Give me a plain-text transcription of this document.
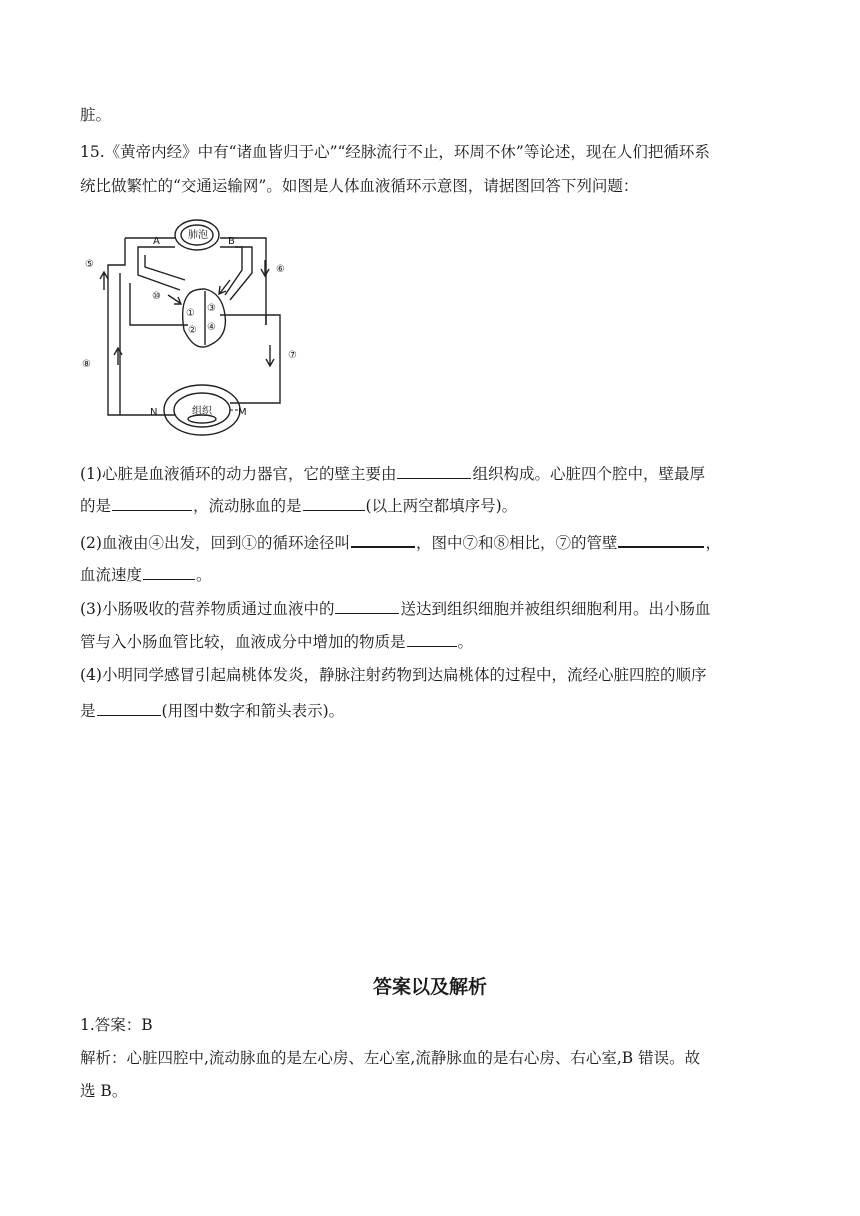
脏。
15.《黄帝内经》中有“诸血皆归于心”“经脉流行不止，环周不休”等论述，现在人们把循环系
统比做繁忙的“交通运输网”。如图是人体血液循环示意图，请据图回答下列问题：
肺泡
组织
A	B
M
N
①
②
③
④
⑤	⑥
⑦
⑧
⑩
(1)心脏是血液循环的动力器官，它的壁主要由	组织构成。心脏四个腔中，壁最厚
的是	，流动脉血的是	(以上两空都填序号)。
(2)血液由④出发，回到①的循环途径叫	，图中⑦和⑧相比，⑦的管壁	，
血流速度	。
(3)小肠吸收的营养物质通过血液中的	送达到组织细胞并被组织细胞利用。出小肠血
管与入小肠血管比较，血液成分中增加的物质是	。
(4)小明同学感冒引起扁桃体发炎，静脉注射药物到达扁桃体的过程中，流经心脏四腔的顺序
是	(用图中数字和箭头表示)。
答案以及解析
1.答案：B
解析：心脏四腔中,流动脉血的是左心房、左心室,流静脉血的是右心房、右心室,B 错误。故
选 B。
